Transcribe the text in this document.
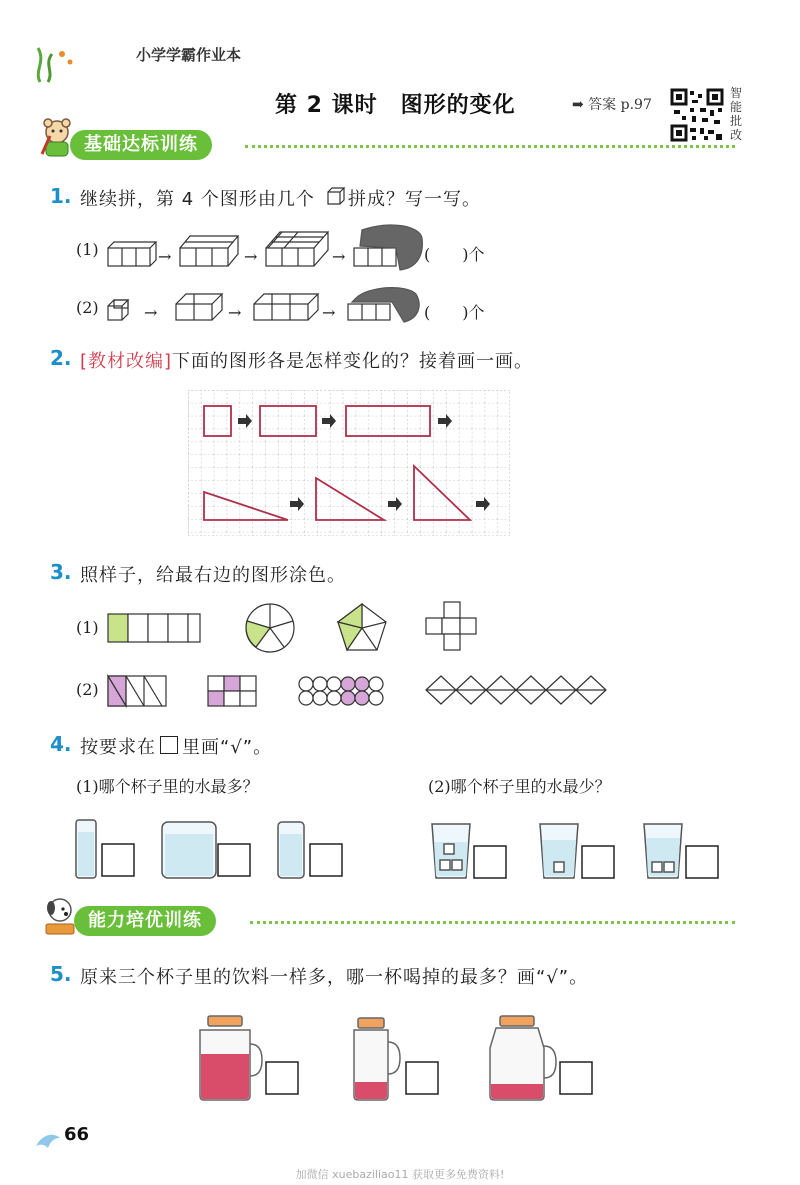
小学学霸作业本
第 2 课时　图形的变化	➡ 答案 p.97
智
能
批
改
基础达标训练
1. 继续拼，第 4 个图形由几个 拼成？写一写。
(1)
(2)
→	→	→
→	→	→
(　　)个
(　　)个
2. [教材改编]下面的图形各是怎样变化的？接着画一画。
3. 照样子，给最右边的图形涂色。
(1)
(2)
4. 按要求在 里画“√”。
(1)哪个杯子里的水最多？	(2)哪个杯子里的水最少？
能力培优训练
5. 原来三个杯子里的饮料一样多，哪一杯喝掉的最多？画“√”。
66
加微信 xuebaziliao11 获取更多免费资料!
